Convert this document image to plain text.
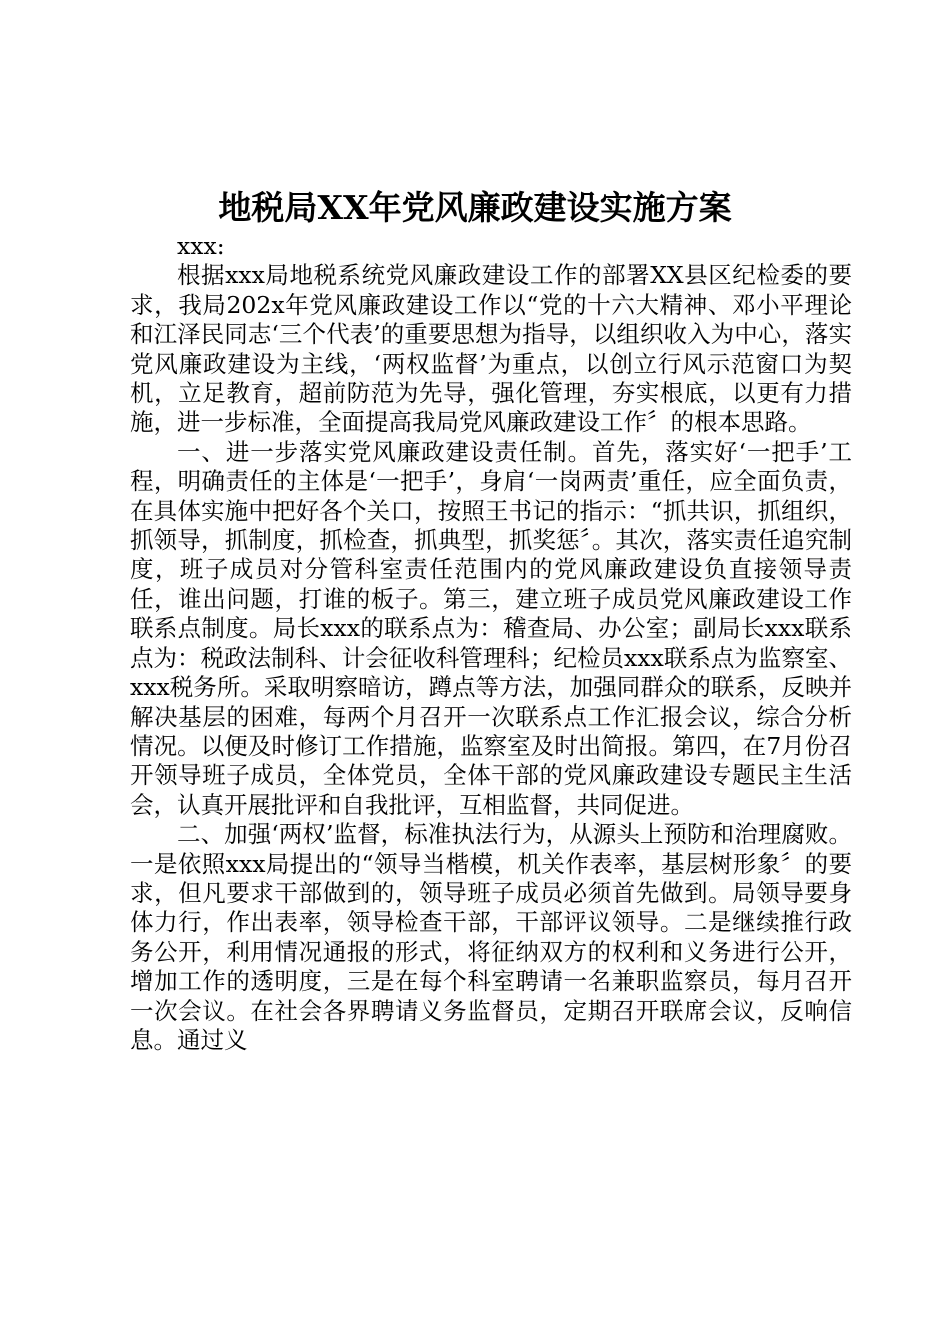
地税局XX年党风廉政建设实施方案

xxx:

根据xxx局地税系统党风廉政建设工作的部署XX县区纪检委的要求，我局202x年党风廉政建设工作以“党的十六大精神、邓小平理论和江泽民同志‘三个代表’的重要思想为指导，以组织收入为中心，落实党风廉政建设为主线，‘两权监督’为重点，以创立行风示范窗口为契机，立足教育，超前防范为先导，强化管理，夯实根底，以更有力措施，进一步标准，全面提高我局党风廉政建设工作〞的根本思路。

一、进一步落实党风廉政建设责任制。首先，落实好‘一把手’工程，明确责任的主体是‘一把手’，身肩‘一岗两责’重任，应全面负责，在具体实施中把好各个关口，按照王书记的指示：“抓共识，抓组织，抓领导，抓制度，抓检查，抓典型，抓奖惩〞。其次，落实责任追究制度，班子成员对分管科室责任范围内的党风廉政建设负直接领导责任，谁出问题，打谁的板子。第三，建立班子成员党风廉政建设工作联系点制度。局长xxx的联系点为：稽查局、办公室；副局长xxx联系点为：税政法制科、计会征收科管理科；纪检员xxx联系点为监察室、xxx税务所。采取明察暗访，蹲点等方法，加强同群众的联系，反映并解决基层的困难，每两个月召开一次联系点工作汇报会议，综合分析情况。以便及时修订工作措施，监察室及时出简报。第四，在7月份召开领导班子成员，全体党员，全体干部的党风廉政建设专题民主生活会，认真开展批评和自我批评，互相监督，共同促进。

二、加强‘两权’监督，标准执法行为，从源头上预防和治理腐败。一是依照xxx局提出的“领导当楷模，机关作表率，基层树形象〞的要求，但凡要求干部做到的，领导班子成员必须首先做到。局领导要身体力行，作出表率，领导检查干部，干部评议领导。二是继续推行政务公开，利用情况通报的形式，将征纳双方的权利和义务进行公开，增加工作的透明度，三是在每个科室聘请一名兼职监察员，每月召开一次会议。在社会各界聘请义务监督员，定期召开联席会议，反响信息。通过义
